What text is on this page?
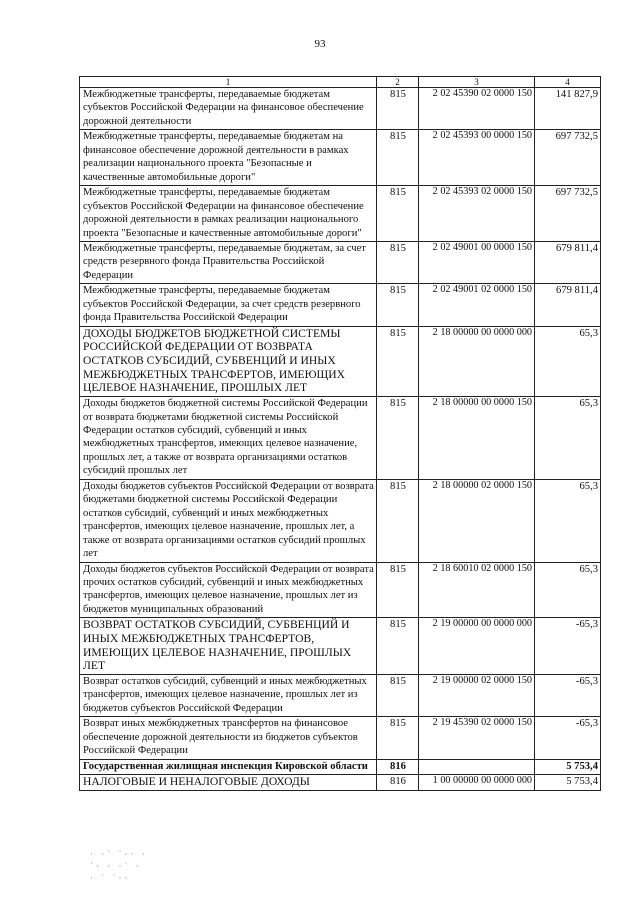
93
1	2	3	4
Межбюджетные трансферты, передаваемые бюджетам субъектов Российской Федерации на финансовое обеспечение дорожной деятельности	815	2 02 45390 02 0000 150	141 827,9
Межбюджетные трансферты, передаваемые бюджетам на финансовое обеспечение дорожной деятельности в рамках реализации национального проекта "Безопасные и качественные автомобильные дороги"	815	2 02 45393 00 0000 150	697 732,5
Межбюджетные трансферты, передаваемые бюджетам субъектов Российской Федерации на финансовое обеспечение дорожной деятельности в рамках реализации национального проекта "Безопасные и качественные автомобильные дороги"	815	2 02 45393 02 0000 150	697 732,5
Межбюджетные трансферты, передаваемые бюджетам, за счет средств резервного фонда Правительства Российской Федерации	815	2 02 49001 00 0000 150	679 811,4
Межбюджетные трансферты, передаваемые бюджетам субъектов Российской Федерации, за счет средств резервного фонда Правительства Российской Федерации	815	2 02 49001 02 0000 150	679 811,4
ДОХОДЫ БЮДЖЕТОВ БЮДЖЕТНОЙ СИСТЕМЫ РОССИЙСКОЙ ФЕДЕРАЦИИ ОТ ВОЗВРАТА ОСТАТКОВ СУБСИДИЙ, СУБВЕНЦИЙ И ИНЫХ МЕЖБЮДЖЕТНЫХ ТРАНСФЕРТОВ, ИМЕЮЩИХ ЦЕЛЕВОЕ НАЗНАЧЕНИЕ, ПРОШЛЫХ ЛЕТ	815	2 18 00000 00 0000 000	65,3
Доходы бюджетов бюджетной системы Российской Федерации от возврата бюджетами бюджетной системы Российской Федерации остатков субсидий, субвенций и иных межбюджетных трансфертов, имеющих целевое назначение, прошлых лет, а также от возврата организациями остатков субсидий прошлых лет	815	2 18 00000 00 0000 150	65,3
Доходы бюджетов субъектов Российской Федерации от возврата бюджетами бюджетной системы Российской Федерации остатков субсидий, субвенций и иных межбюджетных трансфертов, имеющих целевое назначение, прошлых лет, а также от возврата организациями остатков субсидий прошлых лет	815	2 18 00000 02 0000 150	65,3
Доходы бюджетов субъектов Российской Федерации от возврата прочих остатков субсидий, субвенций и иных межбюджетных трансфертов, имеющих целевое назначение, прошлых лет из бюджетов муниципальных образований	815	2 18 60010 02 0000 150	65,3
ВОЗВРАТ ОСТАТКОВ СУБСИДИЙ, СУБВЕНЦИЙ И ИНЫХ МЕЖБЮДЖЕТНЫХ ТРАНСФЕРТОВ, ИМЕЮЩИХ ЦЕЛЕВОЕ НАЗНАЧЕНИЕ, ПРОШЛЫХ ЛЕТ	815	2 19 00000 00 0000 000	-65,3
Возврат остатков субсидий, субвенций и иных межбюджетных трансфертов, имеющих целевое назначение, прошлых лет из бюджетов субъектов Российской Федерации	815	2 19 00000 02 0000 150	-65,3
Возврат иных межбюджетных трансфертов на финансовое обеспечение дорожной деятельности из бюджетов субъектов Российской Федерации	815	2 19 45390 02 0000 150	-65,3
Государственная жилищная инспекция Кировской области	816		5 753,4
НАЛОГОВЫЕ И НЕНАЛОГОВЫЕ ДОХОДЫ	816	1 00 00000 00 0000 000	5 753,4
· ·˙ ˙·· ·
˙· · ·˙ ·
· ˙ ˙··
